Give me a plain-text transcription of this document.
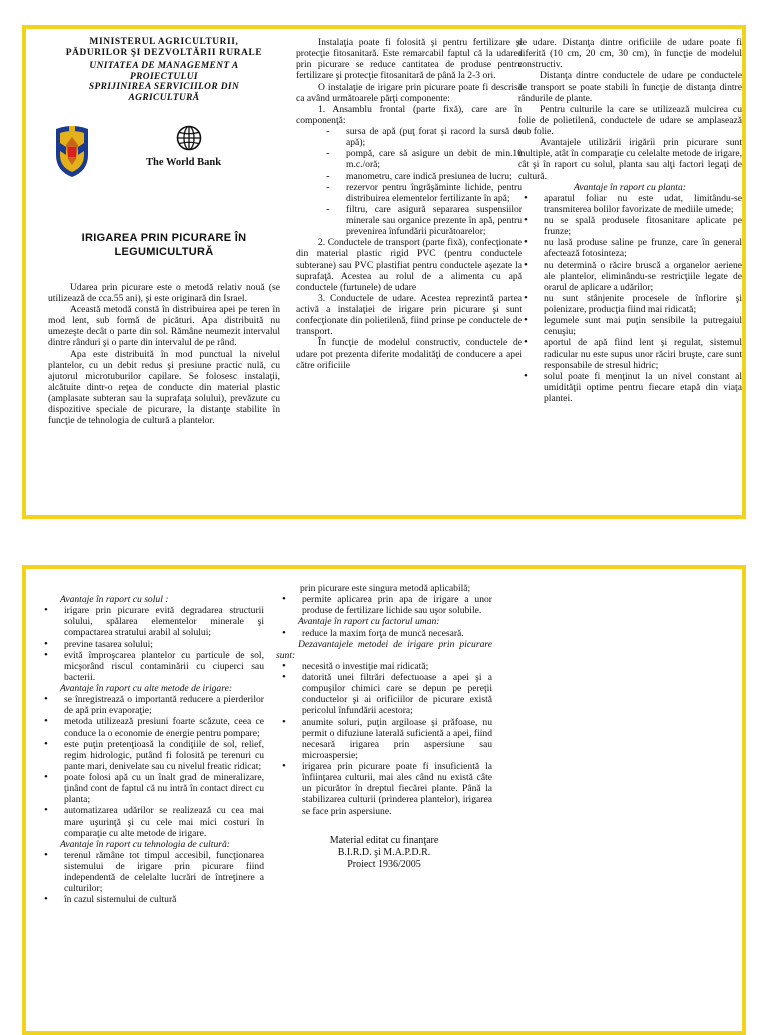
MINISTERUL AGRICULTURII,
PĂDURILOR ŞI DEZVOLTĂRII RURALE
UNITATEA DE MANAGEMENT A
PROIECTULUI
SPRIJINIREA SERVICIILOR DIN
AGRICULTURĂ
The World Bank
IRIGAREA PRIN PICURARE ÎN
LEGUMICULTURĂ

Udarea prin picurare este o metodă relativ nouă (se utilizează de cca.55 ani), şi este originară din Israel.

Această metodă constă în distribuirea apei pe teren în mod lent, sub formă de picături. Apa distribuită nu umezeşte decât o parte din sol. Rămâne neumezit intervalul dintre rânduri şi o parte din intervalul de pe rând.

Apa este distribuită în mod punctual la nivelul plantelor, cu un debit redus şi presiune practic nulă, cu ajutorul microtuburilor capilare. Se folosesc instalaţii, alcătuite dintr-o reţea de conducte din material plastic (amplasate subteran sau la suprafaţa solului), prevăzute cu dispozitive speciale de picurare, la distanţe stabilite în funcţie de tehnologia de cultură a plantelor.

Instalaţia poate fi folosită şi pentru fertilizare şi protecţie fitosanitară. Este remarcabil faptul că la udarea prin picurare se reduce cantitatea de produse pentru fertilizare şi protecţie fitosanitară de până la 2-3 ori.

O instalaţie de irigare prin picurare poate fi descrisă ca având următoarele părţi componente:

1. Ansamblu frontal (parte fixă), care are în componenţă:

- sursa de apă (puţ forat şi racord la sursă de apă);
- pompă, care să asigure un debit de min.10 m.c./oră;
- manometru, care indică presiunea de lucru;
- rezervor pentru îngrăşăminte lichide, pentru distribuirea elementelor fertilizante în apă;
- filtru, care asigură separarea suspensiilor minerale sau organice prezente în apă, pentru prevenirea înfundării picurătoarelor;

2. Conductele de transport (parte fixă), confecţionate din material plastic rigid PVC (pentru conductele subterane) sau PVC plastifiat pentru conductele aşezate la suprafaţă. Acestea au rolul de a alimenta cu apă conductele (furtunele) de udare

3. Conductele de udare. Acestea reprezintă partea activă a instalaţiei de irigare prin picurare şi sunt confecţionate din polietilenă, fiind prinse pe conductele de transport.

În funcţie de modelul constructiv, conductele de udare pot prezenta diferite modalităţi de conducere a apei către orificiile

de udare. Distanţa dintre orificiile de udare poate fi diferită (10 cm, 20 cm, 30 cm), în funcţie de modelul constructiv.

Distanţa dintre conductele de udare pe conductele de transport se poate stabili în funcţie de distanţa dintre rândurile de plante.

Pentru culturile la care se utilizează mulcirea cu folie de polietilenă, conductele de udare se amplasează sub folie.

Avantajele utilizării irigării prin picurare sunt multiple, atât în comparaţie cu celelalte metode de irigare, cât şi în raport cu solul, planta sau alţi factori legaţi de cultură.

Avantaje în raport cu planta:

• aparatul foliar nu este udat, limitându-se transmiterea bolilor favorizate de mediile umede;
• nu se spală produsele fitosanitare aplicate pe frunze;
• nu lasă produse saline pe frunze, care în general afectează fotosinteza;
• nu determină o răcire bruscă a organelor aeriene ale plantelor, eliminându-se restricţiile legate de orarul de aplicare a udărilor;
• nu sunt stânjenite procesele de înflorire şi polenizare, producţia fiind mai ridicată;
• legumele sunt mai puţin sensibile la putregaiul cenuşiu;
• aportul de apă fiind lent şi regulat, sistemul radicular nu este supus unor răciri bruşte, care sunt responsabile de stresul hidric;
• solul poate fi menţinut la un nivel constant al umidităţii optime pentru fiecare etapă din viaţa plantei.

Avantaje în raport cu solul :

• irigare prin picurare evită degradarea structurii solului, spălarea elementelor minerale şi compactarea stratului arabil al solului;
• previne tasarea solului;
• evită împroşcarea plantelor cu particule de sol, micşorând riscul contaminării cu ciuperci sau bacterii.

Avantaje în raport cu alte metode de irigare:

• se înregistrează o importantă reducere a pierderilor de apă prin evaporaţie;
• metoda utilizează presiuni foarte scăzute, ceea ce conduce la o economie de energie pentru pompare;
• este puţin pretenţioasă la condiţiile de sol, relief, regim hidrologic, putând fi folosită pe terenuri cu pante mari, denivelate sau cu nivelul freatic ridicat;
• poate folosi apă cu un înalt grad de mineralizare, ţinând cont de faptul că nu intră în contact direct cu planta;
• automatizarea udărilor se realizează cu cea mai mare uşurinţă şi cu cele mai mici costuri în comparaţie cu alte metode de irigare.

Avantaje în raport cu tehnologia de cultură:

• terenul rămâne tot timpul accesibil, funcţionarea sistemului de irigare prin picurare fiind independentă de celelalte lucrări de întreţinere a culturilor;
• în cazul sistemului de cultură

prin picurare este singura metodă aplicabilă;

• permite aplicarea prin apa de irigare a unor produse de fertilizare lichide sau uşor solubile.

Avantaje în raport cu factorul uman:

• reduce la maxim forţa de muncă necesară.

Dezavantajele metodei de irigare prin picurare sunt:

• necesită o investiţie mai ridicată;
• datorită unei filtrări defectuoase a apei şi a compuşilor chimici care se depun pe pereţii conductelor şi ai orificiilor de picurare există pericolul înfundării acestora;
• anumite soluri, puţin argiloase şi prăfoase, nu permit o difuziune laterală suficientă a apei, fiind necesară irigarea prin aspersiune sau microaspersie;
• irigarea prin picurare poate fi insuficientă la înfiinţarea culturii, mai ales când nu există câte un picurător în dreptul fiecărei plante. Până la stabilizarea culturii (prinderea plantelor), irigarea se face prin aspersiune.
Material editat cu finanţare
B.I.R.D. şi M.A.P.D.R.
Proiect 1936/2005
